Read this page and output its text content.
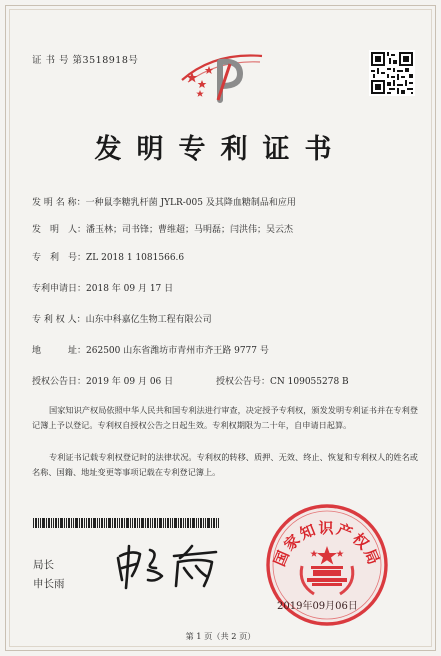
证 书 号 第3518918号
发明专利证书
发 明 名 称：一种鼠李糖乳杆菌 JYLR-005 及其降血糖制品和应用
发　明　人：潘玉林；司书锋；曹维超；马明磊；闫洪伟；吴云杰
专　利　号：ZL 2018 1 1081566.6
专利申请日：2018 年 09 月 17 日
专 利 权 人：山东中科嘉亿生物工程有限公司
地　　　址：262500 山东省潍坊市青州市齐王路 9777 号
授权公告日：2019 年 09 月 06 日	授权公告号：CN 109055278 B
国家知识产权局依照中华人民共和国专利法进行审查，决定授予专利权，颁发发明专利证书并在专利登记簿上予以登记。专利权自授权公告之日起生效。专利权期限为二十年，自申请日起算。
专利证书记载专利权登记时的法律状况。专利权的转移、质押、无效、终止、恢复和专利权人的姓名或名称、国籍、地址变更等事项记载在专利登记簿上。
局长
申长雨
国家知识产权局
2019年09月06日
第 1 页（共 2 页）
